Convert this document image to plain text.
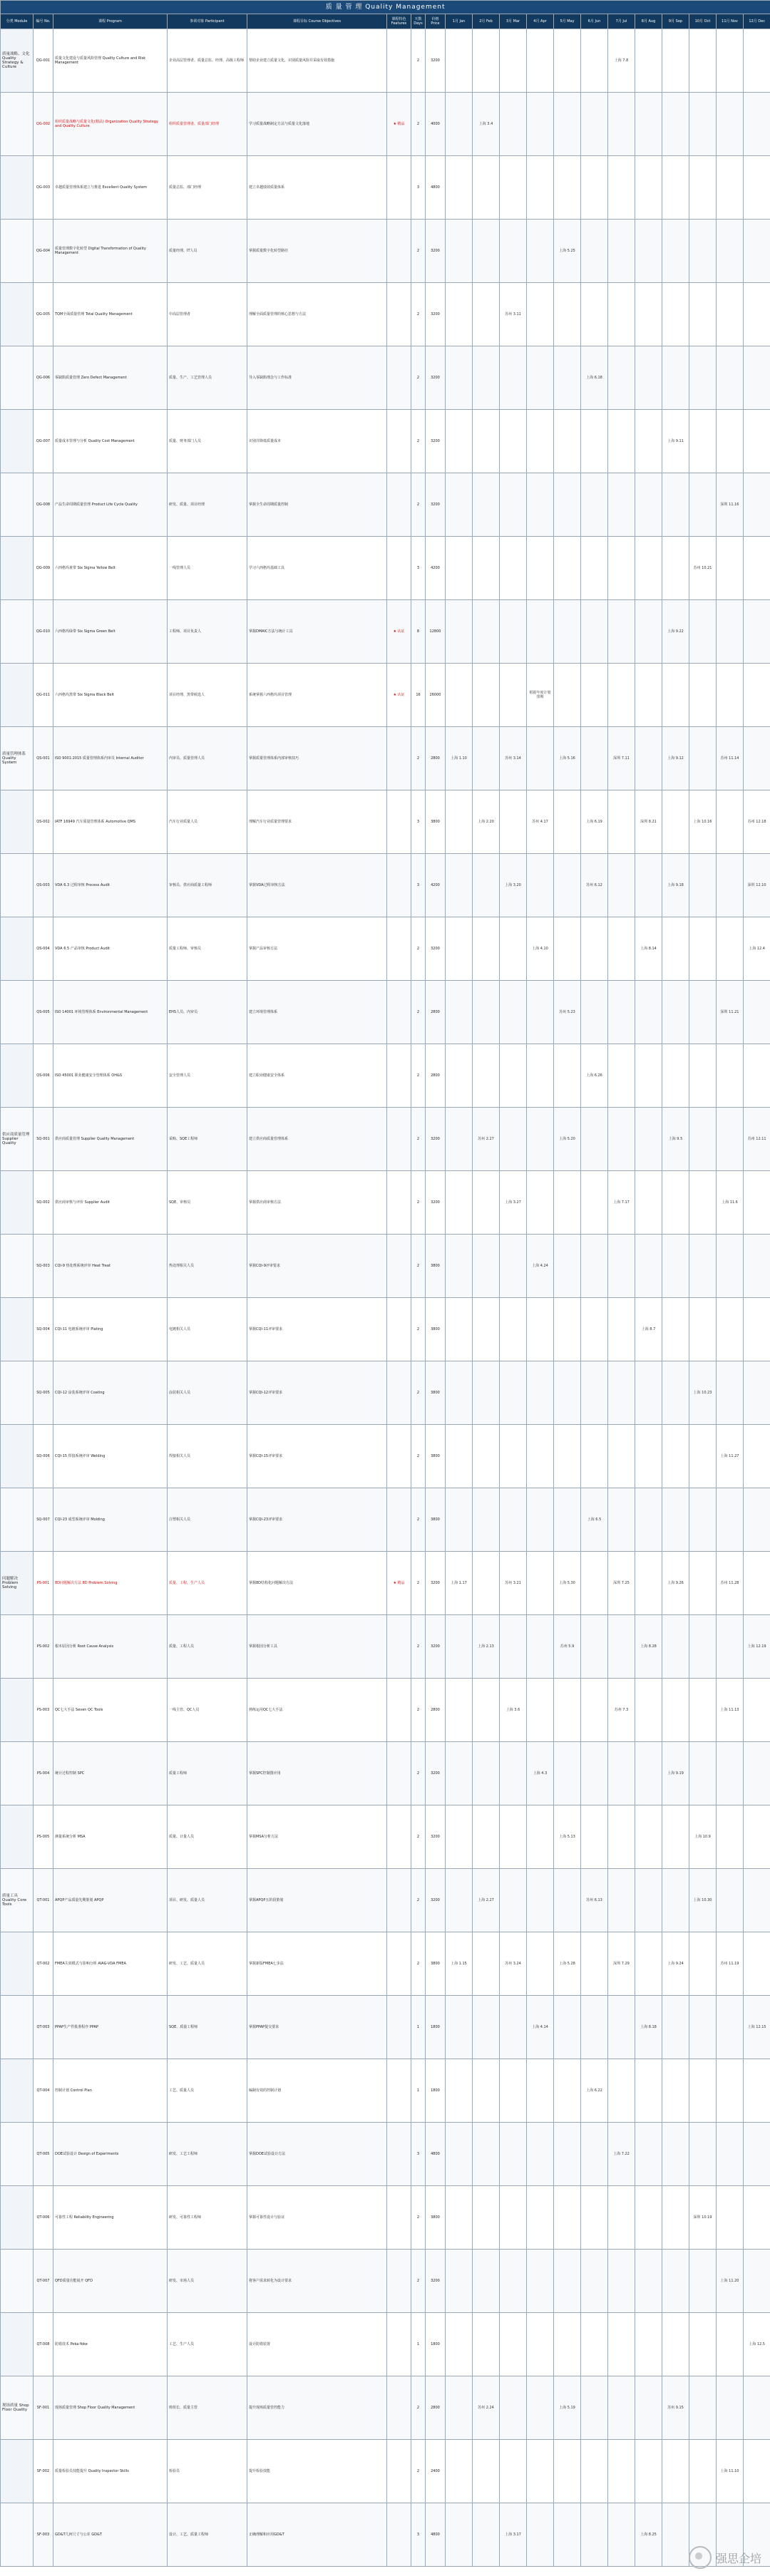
质 量 管 理 Quality Management																			
分类 Module	编号 No.	课程 Program	参训对象 Participant	课程目标 Course Objectives	课程特色 Features	天数 Days	价格 Price	1月 Jan	2月 Feb	3月 Mar	4月 Apr	5月 May	6月 Jun	7月 Jul	8月 Aug	9月 Sep	10月 Oct	11月 Nov	12月 Dec
质量战略、文化 Quality Strategy & Culture	QG-001	质量文化建设与质量风险管理 Quality Culture and Risk Management	企业高层管理者、质量总监、经理、高级工程师	帮助企业建立质量文化，识别质量风险并采取有效措施		2	3200							上海 7.8					
	QG-002	组织质量战略与质量文化(精品) Organization Quality Strategy and Quality Culture	组织质量管理者、质量部门经理	学习质量战略制定方法与质量文化落地	★ 精品	2	4000		上海 3.4										
	QG-003	卓越质量管理体系建立与推进 Excellent Quality System	质量总监、部门经理	建立卓越绩效质量体系		3	4800												
	QG-004	质量管理数字化转型 Digital Transformation of Quality Management	质量经理、IT人员	掌握质量数字化转型路径		2	3200					上海 5.25							
	QG-005	TQM全面质量管理 Total Quality Management	中高层管理者	理解全面质量管理的核心思想与方法		2	3200			苏州 3.11									
	QG-006	零缺陷质量管理 Zero Defect Management	质量、生产、工艺管理人员	导入零缺陷理念与工作标准		2	3200						上海 6.18						
	QG-007	质量成本管理与分析 Quality Cost Management	质量、财务部门人员	识别并降低质量成本		2	3200									上海 9.11			
	QG-008	产品生命周期质量管理 Product Life Cycle Quality	研发、质量、项目经理	掌握全生命周期质量控制		2	3200											深圳 11.16	
	QG-009	六西格玛黄带 Six Sigma Yellow Belt	一线管理人员	学习六西格玛基础工具		3	4200										苏州 10.21		
	QG-010	六西格玛绿带 Six Sigma Green Belt	工程师、项目负责人	掌握DMAIC方法与统计工具	★ 认证	8	12800									上海 9.22			
	QG-011	六西格玛黑带 Six Sigma Black Belt	项目经理、黑带候选人	系统掌握六西格玛项目管理	★ 认证	16	26000				根据年度计划排期								
质量管理体系 Quality System	QS-001	ISO 9001:2015 质量管理体系内审员 Internal Auditor	内审员、质量管理人员	掌握质量管理体系内部审核技巧		2	2800	上海 1.10		苏州 3.14		上海 5.16		深圳 7.11		上海 9.12		苏州 11.14	
	QS-002	IATF 16949 汽车质量管理体系 Automotive QMS	汽车行业质量人员	理解汽车行业质量管理要求		3	3800		上海 2.20		苏州 4.17		上海 6.19		深圳 8.21		上海 10.16		苏州 12.18
	QS-003	VDA 6.3 过程审核 Process Audit	审核员、供应商质量工程师	掌握VDA过程审核方法		3	4200			上海 3.20			苏州 6.12			上海 9.18			深圳 12.10
	QS-004	VDA 6.5 产品审核 Product Audit	质量工程师、审核员	掌握产品审核方法		2	3200				上海 4.10				上海 8.14				上海 12.4
	QS-005	ISO 14001 环境管理体系 Environmental Management	EHS人员、内审员	建立环境管理体系		2	2800					苏州 5.23						深圳 11.21	
	QS-006	ISO 45001 职业健康安全管理体系 OH&S	安全管理人员	建立职业健康安全体系		2	2800						上海 6.26						
供应商质量管理 Supplier Quality	SQ-001	供应商质量管理 Supplier Quality Management	采购、SQE工程师	建立供应商质量管理体系		2	3200		苏州 2.27			上海 5.20				上海 9.5			苏州 12.11
	SQ-002	供应商审核与评价 Supplier Audit	SQE、审核员	掌握供应商审核方法		2	3200			上海 3.27				上海 7.17				上海 11.6	
	SQ-003	CQI-9 热处理系统评审 Heat Treat	热处理相关人员	掌握CQI-9评审要求		2	3800				上海 4.24								
	SQ-004	CQI-11 电镀系统评审 Plating	电镀相关人员	掌握CQI-11评审要求		2	3800								上海 8.7				
	SQ-005	CQI-12 涂装系统评审 Coating	涂装相关人员	掌握CQI-12评审要求		2	3800										上海 10.23		
	SQ-006	CQI-15 焊接系统评审 Welding	焊接相关人员	掌握CQI-15评审要求		2	3800											上海 11.27	
	SQ-007	CQI-23 成型系统评审 Molding	注塑相关人员	掌握CQI-23评审要求		2	3800						上海 6.5						
问题解决 Problem Solving	PS-001	8D问题解决方法 8D Problem Solving	质量、工程、生产人员	掌握8D结构化问题解决方法	★ 精品	2	3200	上海 1.17		苏州 3.21		上海 5.30		深圳 7.25		上海 9.26		苏州 11.28	
	PS-002	根本原因分析 Root Cause Analysis	质量、工程人员	掌握根因分析工具		2	3200		上海 2.13			苏州 5.9			上海 8.28				上海 12.19
	PS-003	QC七大手法 Seven QC Tools	一线主管、QC人员	熟练运用QC七大手法		2	2800			上海 3.6				苏州 7.3				上海 11.13	
	PS-004	统计过程控制 SPC	质量工程师	掌握SPC控制图应用		2	3200				上海 4.3					上海 9.19			
	PS-005	测量系统分析 MSA	质量、计量人员	掌握MSA分析方法		2	3200					上海 5.13					上海 10.9		
质量工具 Quality Core Tools	QT-001	APQP产品质量先期策划 APQP	项目、研发、质量人员	掌握APQP五阶段策划		2	3200		上海 2.27				苏州 6.13				上海 10.30		
	QT-002	FMEA失效模式与影响分析 AIAG-VDA FMEA	研发、工艺、质量人员	掌握新版FMEA七步法		2	3800	上海 1.15		苏州 3.24		上海 5.28		深圳 7.29		上海 9.24		苏州 11.19	
	QT-003	PPAP生产件批准程序 PPAP	SQE、质量工程师	掌握PPAP提交要求		1	1800				上海 4.14				上海 8.18				上海 12.15
	QT-004	控制计划 Control Plan	工艺、质量人员	编制有效的控制计划		1	1800						上海 6.22						
	QT-005	DOE试验设计 Design of Experiments	研发、工艺工程师	掌握DOE试验设计方法		3	4800							上海 7.22					
	QT-006	可靠性工程 Reliability Engineering	研发、可靠性工程师	掌握可靠性设计与验证		2	3800										深圳 10.19		
	QT-007	QFD质量功能展开 QFD	研发、市场人员	将客户需求转化为设计要求		2	3200											上海 11.20	
	QT-008	防错技术 Poka-Yoke	工艺、生产人员	设计防错装置		1	1800												上海 12.5
现场质量 Shop Floor Quality	SF-001	现场质量管理 Shop Floor Quality Management	班组长、质量主管	提升现场质量管控能力		2	2800		苏州 2.24			上海 5.19				苏州 9.15			
	SF-002	质量检验员技能提升 Quality Inspector Skills	检验员	提升检验技能		2	2400											上海 11.10	
	SF-003	GD&T几何尺寸与公差 GD&T	设计、工艺、质量工程师	正确理解和应用GD&T		3	4800			上海 3.17					上海 8.25				
强思企培
